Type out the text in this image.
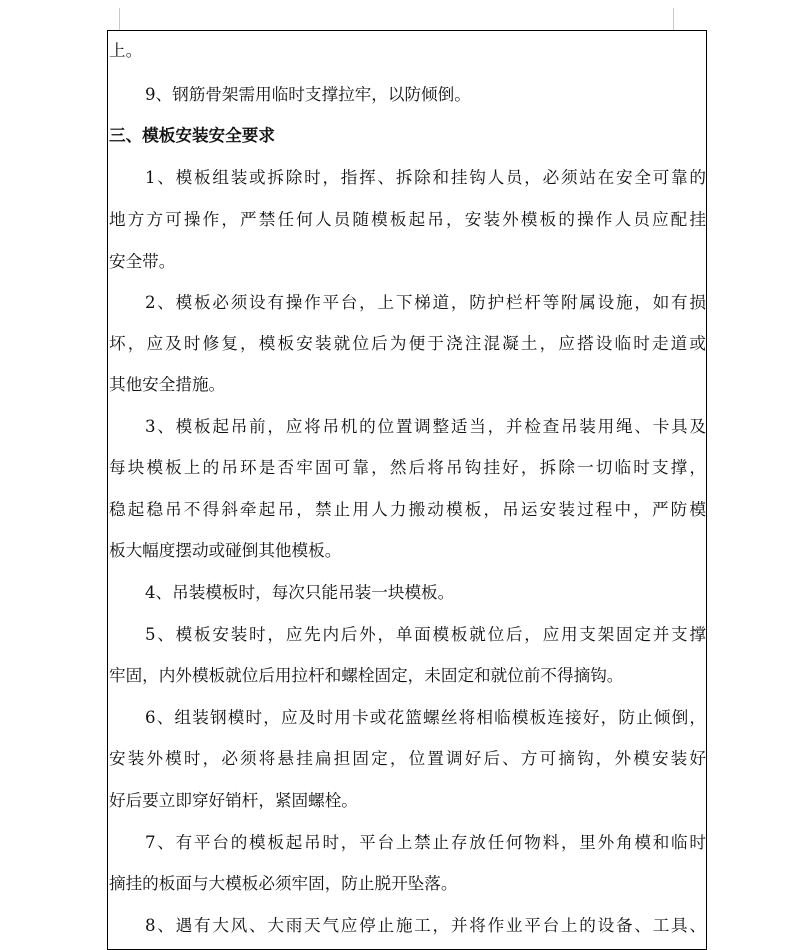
上。
9、钢筋骨架需用临时支撑拉牢，以防倾倒。
三、模板安装安全要求
1、模板组装或拆除时，指挥、拆除和挂钩人员，必须站在安全可靠的
地方方可操作，严禁任何人员随模板起吊，安装外模板的操作人员应配挂
安全带。
2、模板必须设有操作平台，上下梯道，防护栏杆等附属设施，如有损
坏，应及时修复，模板安装就位后为便于浇注混凝土，应搭设临时走道或
其他安全措施。
3、模板起吊前，应将吊机的位置调整适当，并检查吊装用绳、卡具及
每块模板上的吊环是否牢固可靠，然后将吊钩挂好，拆除一切临时支撑，
稳起稳吊不得斜牵起吊，禁止用人力搬动模板，吊运安装过程中，严防模
板大幅度摆动或碰倒其他模板。
4、吊装模板时，每次只能吊装一块模板。
5、模板安装时，应先内后外，单面模板就位后，应用支架固定并支撑
牢固，内外模板就位后用拉杆和螺栓固定，未固定和就位前不得摘钩。
6、组装钢模时，应及时用卡或花篮螺丝将相临模板连接好，防止倾倒，
安装外模时，必须将悬挂扁担固定，位置调好后、方可摘钩，外模安装好
好后要立即穿好销杆，紧固螺栓。
7、有平台的模板起吊时，平台上禁止存放任何物料，里外角模和临时
摘挂的板面与大模板必须牢固，防止脱开坠落。
8、遇有大风、大雨天气应停止施工，并将作业平台上的设备、工具、
